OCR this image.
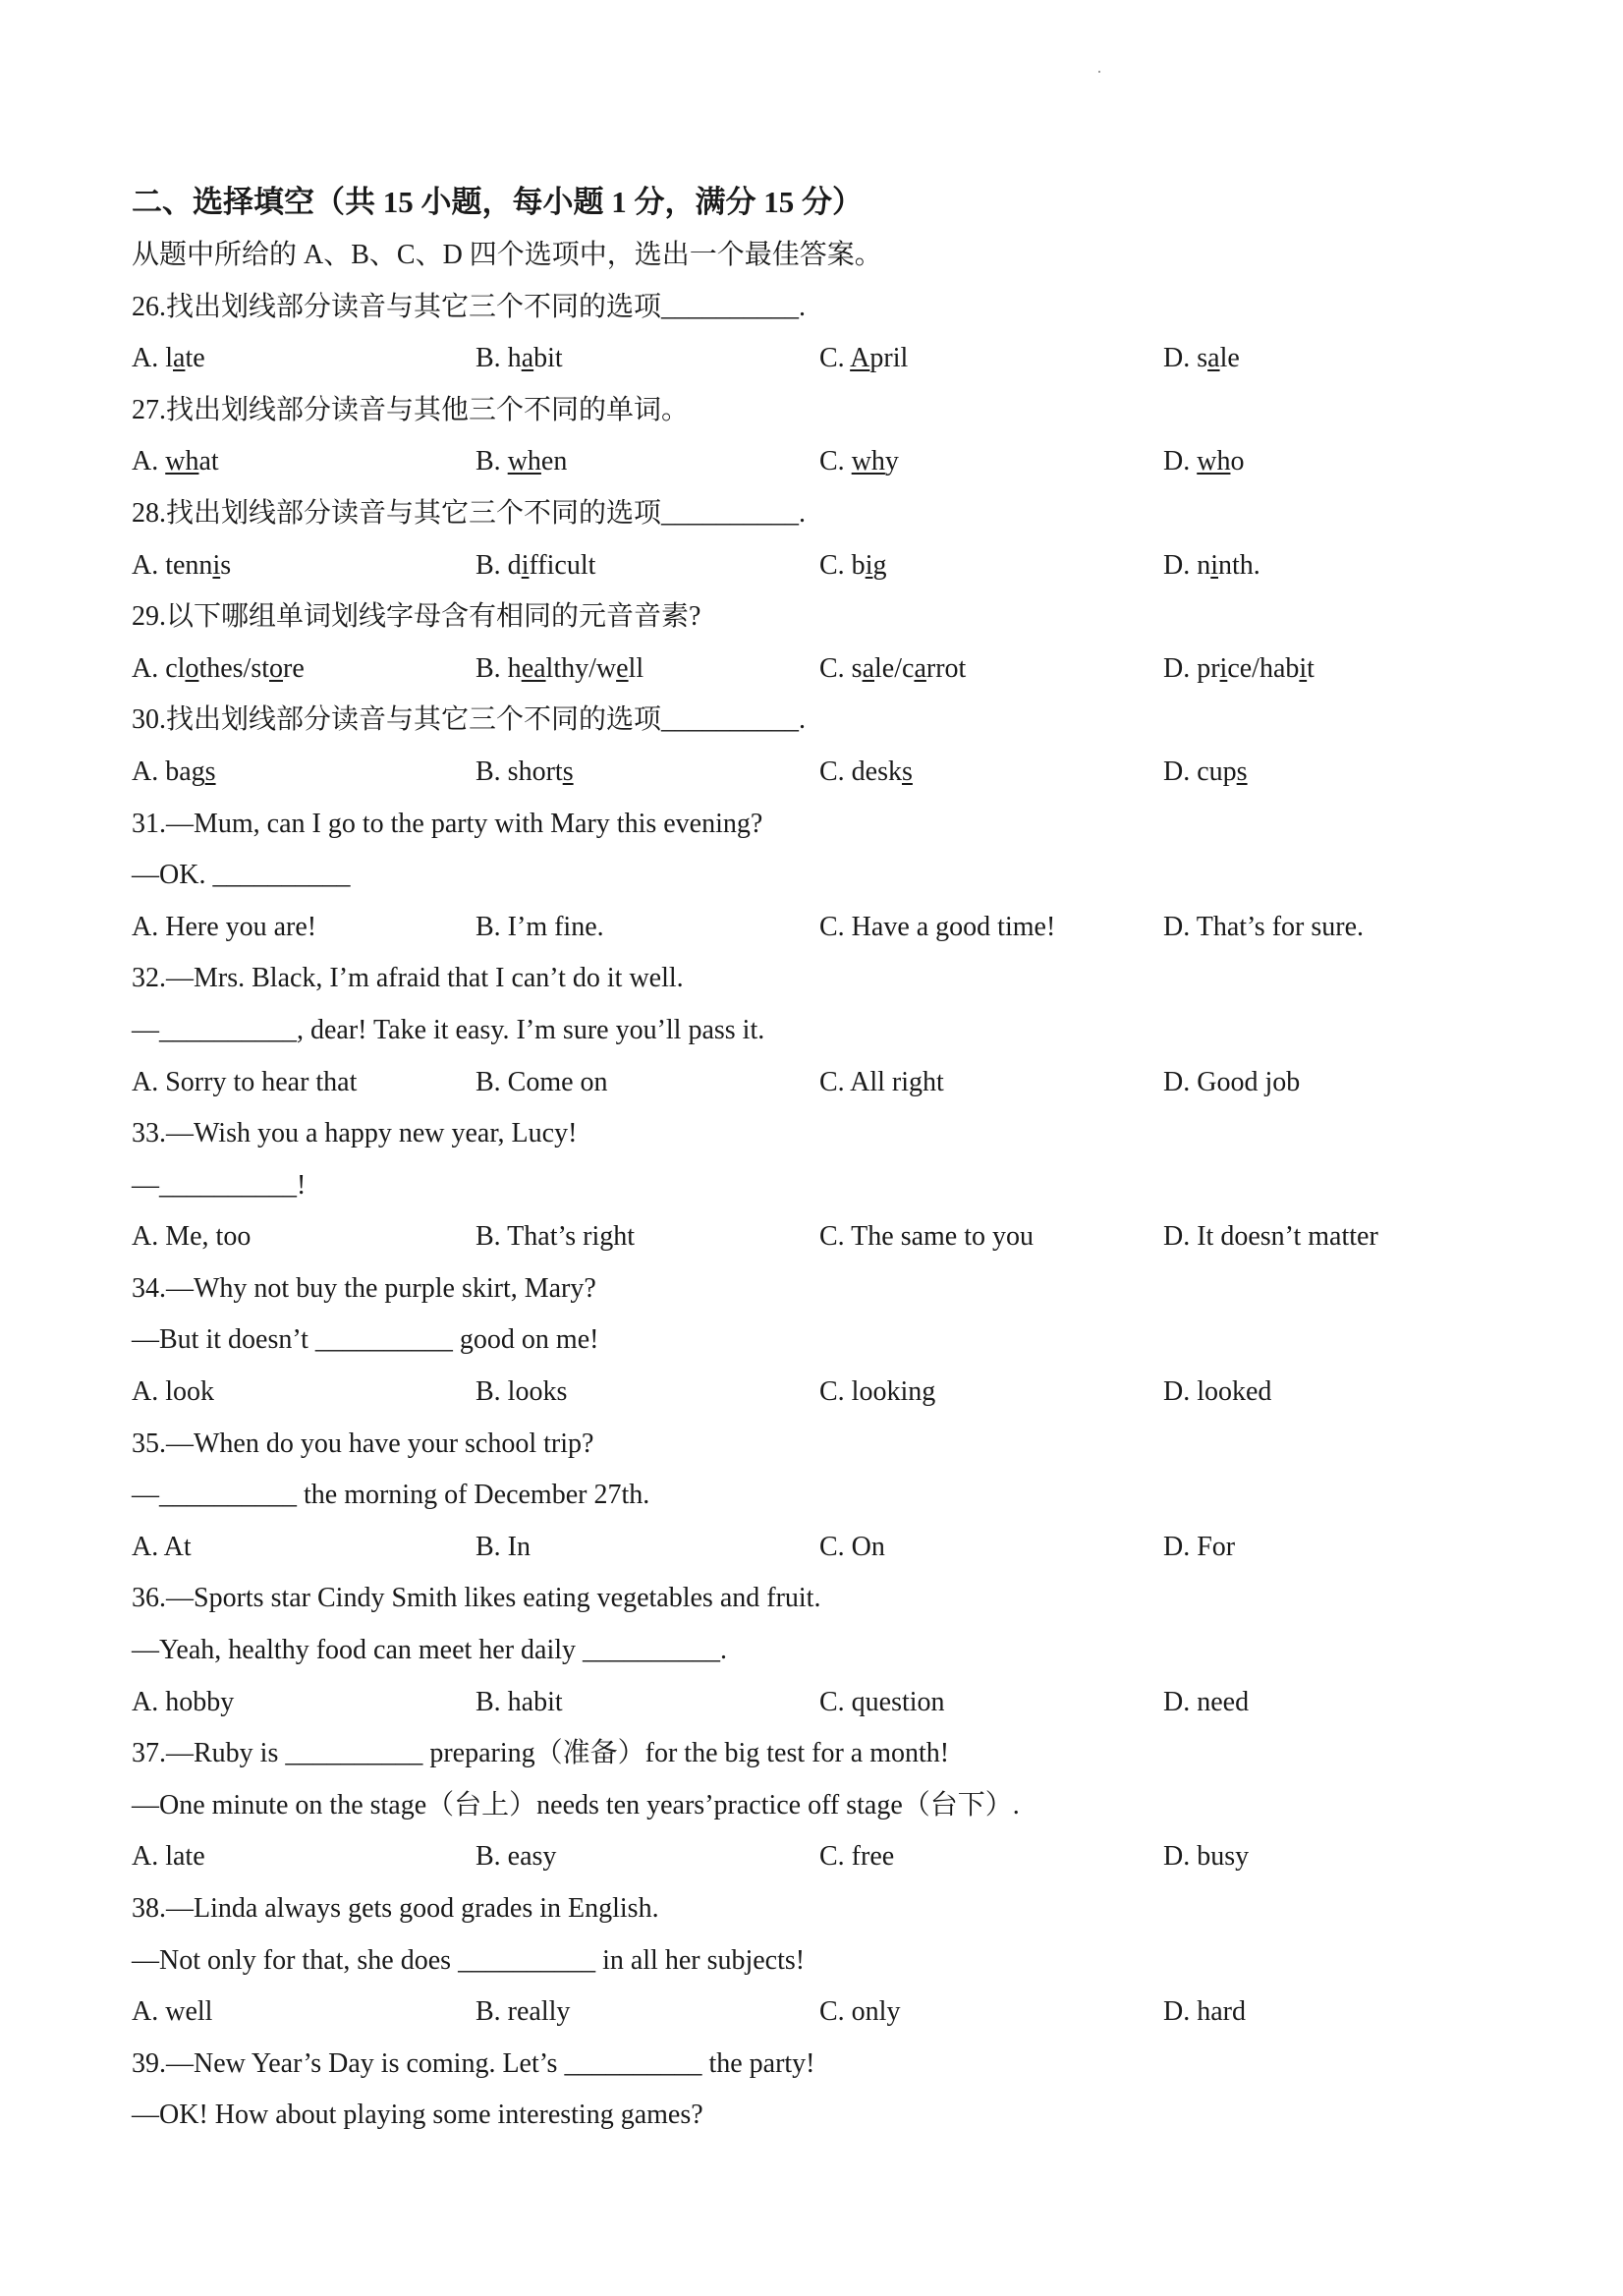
二、选择填空（共 15 小题，每小题 1 分，满分 15 分）
从题中所给的 A、B、C、D 四个选项中，选出一个最佳答案。
26.找出划线部分读音与其它三个不同的选项__________.
A. late	B. habit	C. April	D. sale
27.找出划线部分读音与其他三个不同的单词。
A. what	B. when	C. why	D. who
28.找出划线部分读音与其它三个不同的选项__________.
A. tennis	B. difficult	C. big	D. ninth.
29.以下哪组单词划线字母含有相同的元音音素?
A. clothes/store	B. healthy/well	C. sale/carrot	D. price/habit
30.找出划线部分读音与其它三个不同的选项__________.
A. bags	B. shorts	C. desks	D. cups
31.—Mum, can I go to the party with Mary this evening?
—OK. __________
A. Here you are!	B. I’m fine.	C. Have a good time!	D. That’s for sure.
32.—Mrs. Black, I’m afraid that I can’t do it well.
—__________, dear! Take it easy. I’m sure you’ll pass it.
A. Sorry to hear that	B. Come on	C. All right	D. Good job
33.—Wish you a happy new year, Lucy!
—__________!
A. Me, too	B. That’s right	C. The same to you	D. It doesn’t matter
34.—Why not buy the purple skirt, Mary?
—But it doesn’t __________ good on me!
A. look	B. looks	C. looking	D. looked
35.—When do you have your school trip?
—__________ the morning of December 27th.
A. At	B. In	C. On	D. For
36.—Sports star Cindy Smith likes eating vegetables and fruit.
—Yeah, healthy food can meet her daily __________.
A. hobby	B. habit	C. question	D. need
37.—Ruby is __________ preparing（准备）for the big test for a month!
—One minute on the stage（台上）needs ten years’practice off stage（台下）.
A. late	B. easy	C. free	D. busy
38.—Linda always gets good grades in English.
—Not only for that, she does __________ in all her subjects!
A. well	B. really	C. only	D. hard
39.—New Year’s Day is coming. Let’s __________ the party!
—OK! How about playing some interesting games?
